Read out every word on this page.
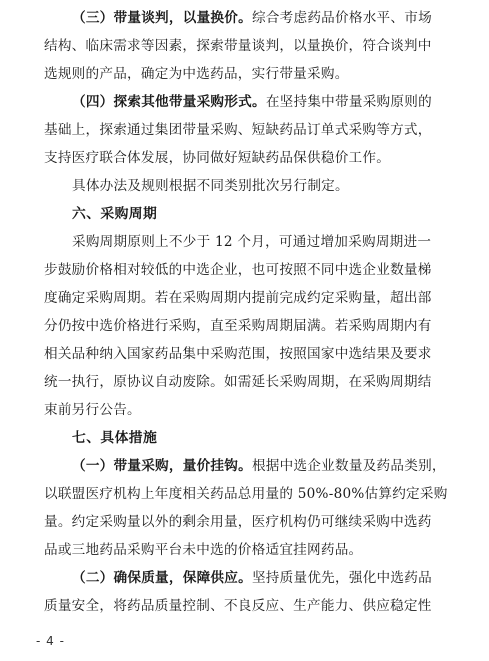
（三）带量谈判，以量换价。综合考虑药品价格水平、市场
结构、临床需求等因素，探索带量谈判，以量换价，符合谈判中
选规则的产品，确定为中选药品，实行带量采购。
（四）探索其他带量采购形式。在坚持集中带量采购原则的
基础上，探索通过集团带量采购、短缺药品订单式采购等方式，
支持医疗联合体发展，协同做好短缺药品保供稳价工作。
具体办法及规则根据不同类别批次另行制定。
六、采购周期
采购周期原则上不少于 12 个月，可通过增加采购周期进一
步鼓励价格相对较低的中选企业，也可按照不同中选企业数量梯
度确定采购周期。若在采购周期内提前完成约定采购量，超出部
分仍按中选价格进行采购，直至采购周期届满。若采购周期内有
相关品种纳入国家药品集中采购范围，按照国家中选结果及要求
统一执行，原协议自动废除。如需延长采购周期，在采购周期结
束前另行公告。
七、具体措施
（一）带量采购，量价挂钩。根据中选企业数量及药品类别，
以联盟医疗机构上年度相关药品总用量的 50%-80%估算约定采购
量。约定采购量以外的剩余用量，医疗机构仍可继续采购中选药
品或三地药品采购平台未中选的价格适宜挂网药品。
（二）确保质量，保障供应。坚持质量优先，强化中选药品
质量安全，将药品质量控制、不良反应、生产能力、供应稳定性
- 4 -
